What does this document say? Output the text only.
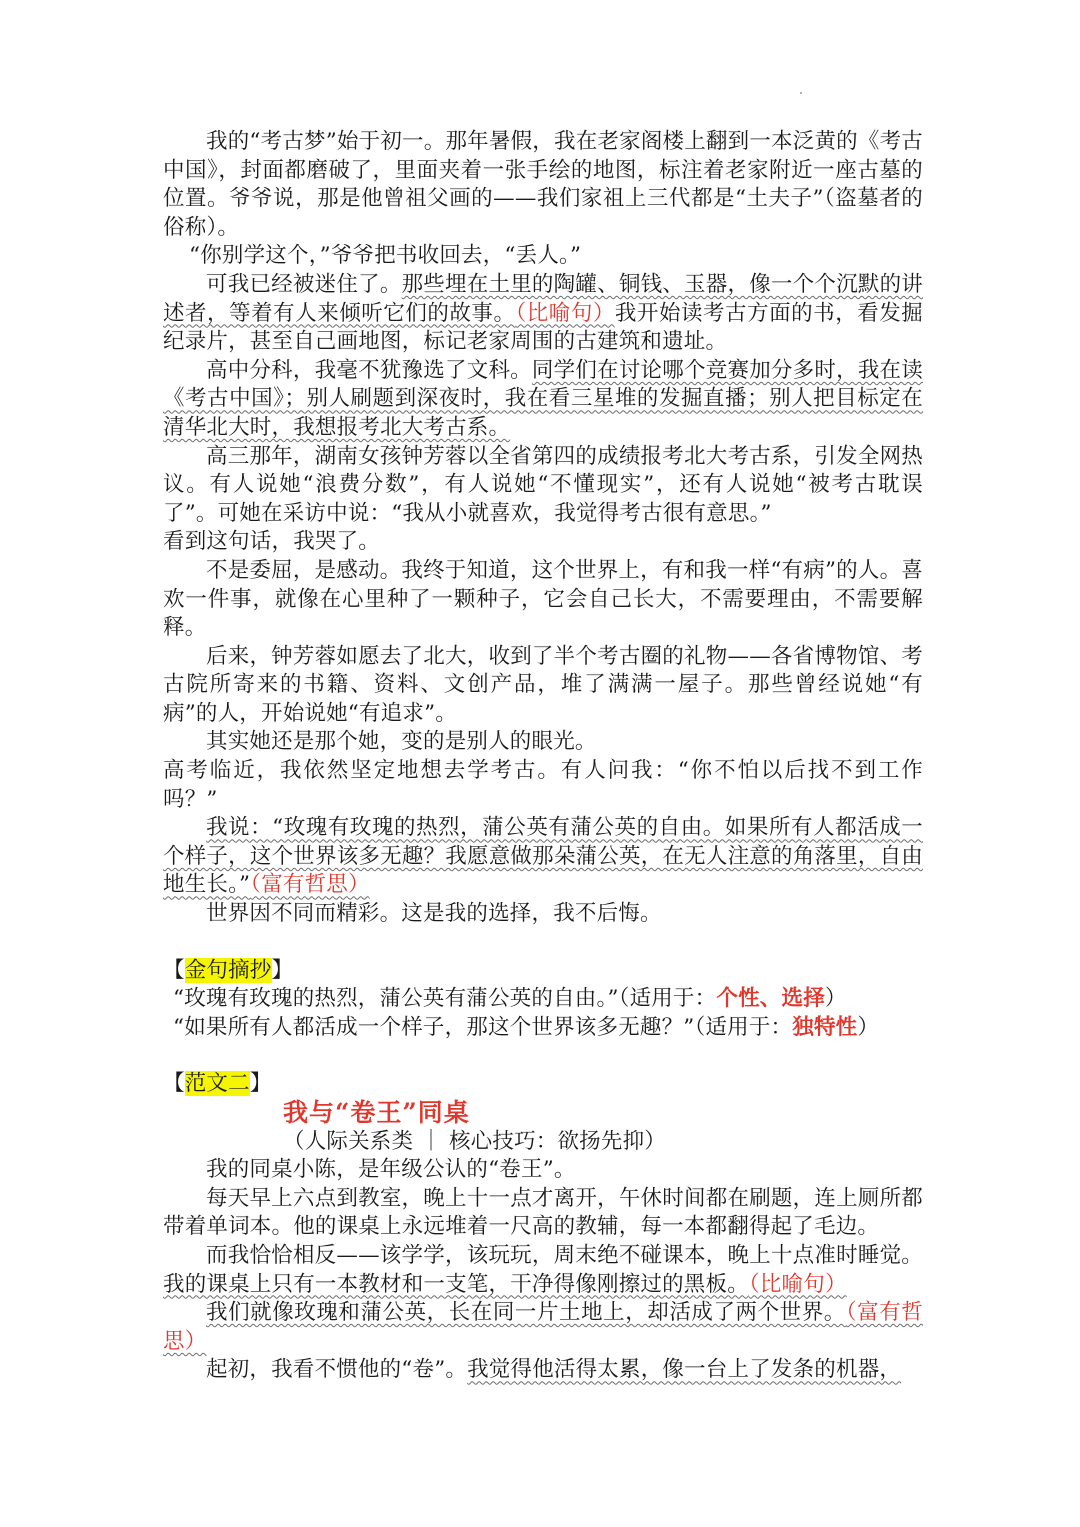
我的“考古梦”始于初一。那年暑假，我在老家阁楼上翻到一本泛黄的《考古中国》，封面都磨破了，里面夹着一张手绘的地图，标注着老家附近一座古墓的位置。爷爷说，那是他曾祖父画的——我们家祖上三代都是“土夫子”（盗墓者的俗称）。

“你别学这个，”爷爷把书收回去，“丢人。”

可我已经被迷住了。那些埋在土里的陶罐、铜钱、玉器，像一个个沉默的讲述者，等着有人来倾听它们的故事。（比喻句）我开始读考古方面的书，看发掘纪录片，甚至自己画地图，标记老家周围的古建筑和遗址。

高中分科，我毫不犹豫选了文科。同学们在讨论哪个竞赛加分多时，我在读《考古中国》；别人刷题到深夜时，我在看三星堆的发掘直播；别人把目标定在清华北大时，我想报考北大考古系。

高三那年，湖南女孩钟芳蓉以全省第四的成绩报考北大考古系，引发全网热议。有人说她“浪费分数”，有人说她“不懂现实”，还有人说她“被考古耽误了”。可她在采访中说：“我从小就喜欢，我觉得考古很有意思。”

看到这句话，我哭了。

不是委屈，是感动。我终于知道，这个世界上，有和我一样“有病”的人。喜欢一件事，就像在心里种了一颗种子，它会自己长大，不需要理由，不需要解释。

后来，钟芳蓉如愿去了北大，收到了半个考古圈的礼物——各省博物馆、考古院所寄来的书籍、资料、文创产品，堆了满满一屋子。那些曾经说她“有病”的人，开始说她“有追求”。

其实她还是那个她，变的是别人的眼光。

高考临近，我依然坚定地想去学考古。有人问我：“你不怕以后找不到工作吗？”

我说：“玫瑰有玫瑰的热烈，蒲公英有蒲公英的自由。如果所有人都活成一个样子，这个世界该多无趣？我愿意做那朵蒲公英，在无人注意的角落里，自由地生长。”（富有哲思）

世界因不同而精彩。这是我的选择，我不后悔。

【金句摘抄】

“玫瑰有玫瑰的热烈，蒲公英有蒲公英的自由。”（适用于：个性、选择）

“如果所有人都活成一个样子，那这个世界该多无趣？”（适用于：独特性）

【范文二】

我与“卷王”同桌

（人际关系类 ｜ 核心技巧：欲扬先抑）

我的同桌小陈，是年级公认的“卷王”。

每天早上六点到教室，晚上十一点才离开，午休时间都在刷题，连上厕所都带着单词本。他的课桌上永远堆着一尺高的教辅，每一本都翻得起了毛边。

而我恰恰相反——该学学，该玩玩，周末绝不碰课本，晚上十点准时睡觉。我的课桌上只有一本教材和一支笔，干净得像刚擦过的黑板。（比喻句）

我们就像玫瑰和蒲公英，长在同一片土地上，却活成了两个世界。（富有哲思）

起初，我看不惯他的“卷”。我觉得他活得太累，像一台上了发条的机器，
